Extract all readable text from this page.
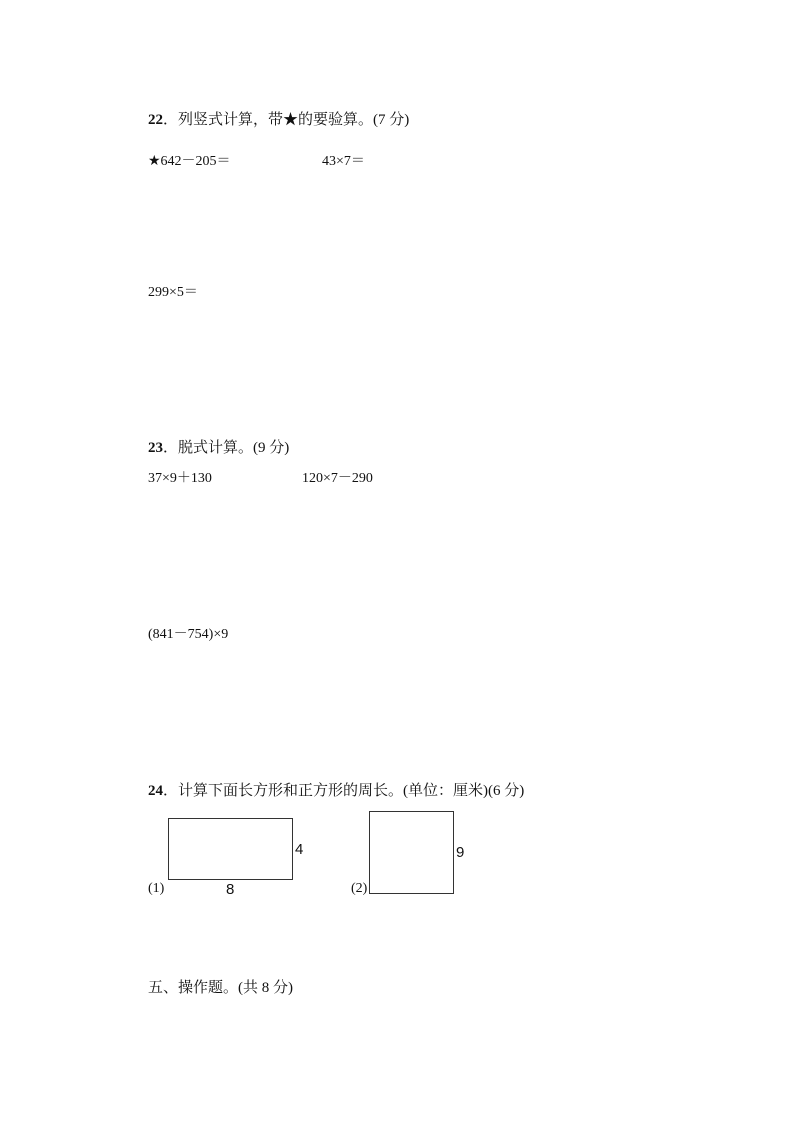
22．列竖式计算，带★的要验算。(7 分)
★642－205＝	43×7＝
299×5＝
23．脱式计算。(9 分)
37×9＋130	120×7－290
(841－754)×9
24．计算下面长方形和正方形的周长。(单位：厘米)(6 分)
(1)
4
8	(2)
9
五、操作题。(共 8 分)
